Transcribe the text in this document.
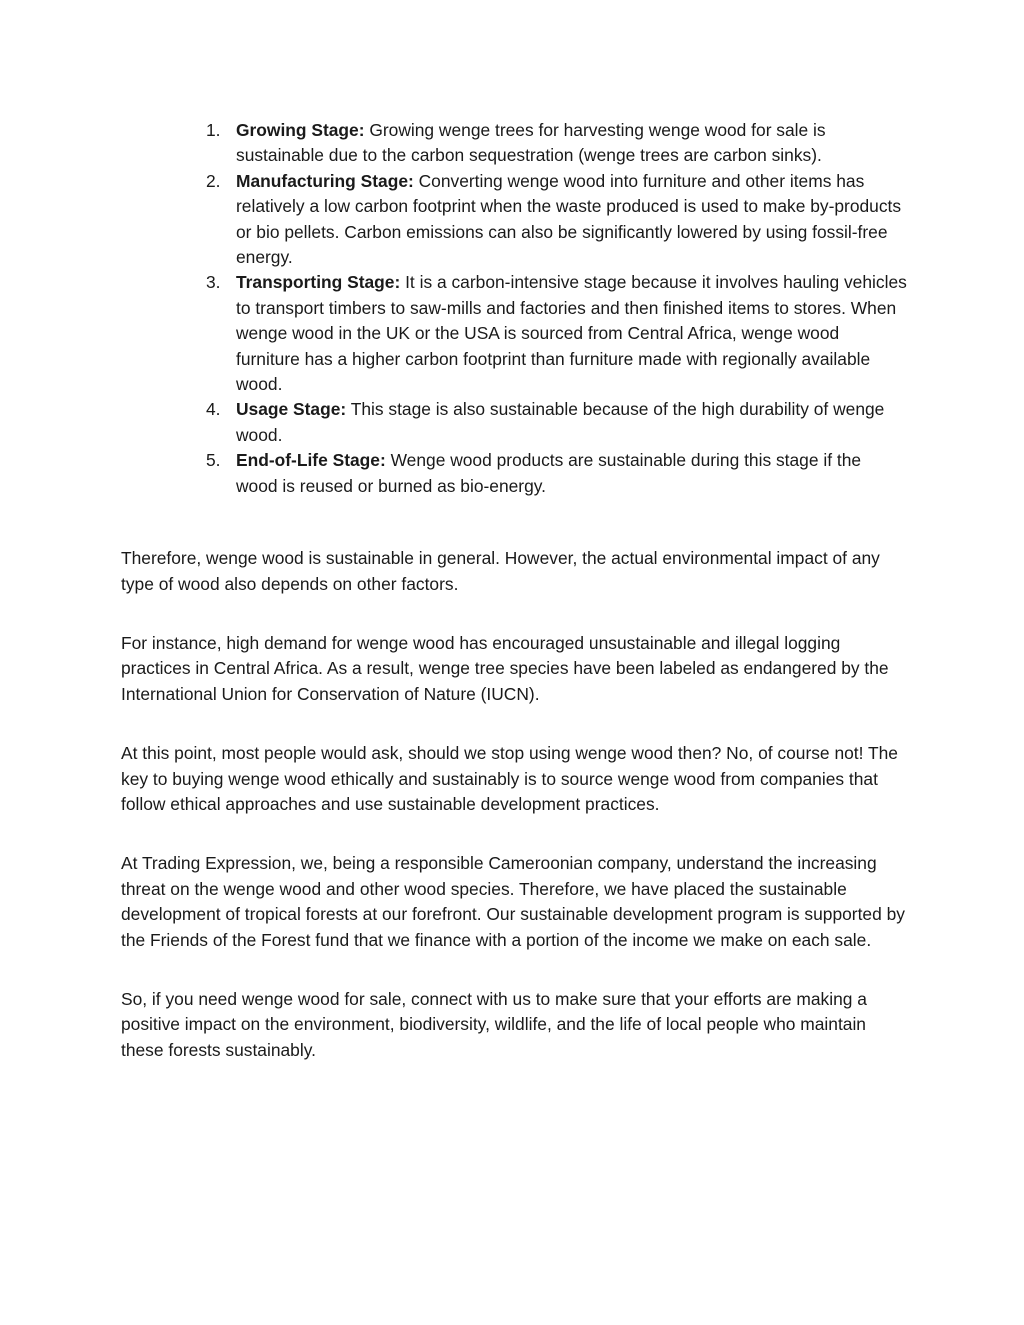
1. Growing Stage: Growing wenge trees for harvesting wenge wood for sale is sustainable due to the carbon sequestration (wenge trees are carbon sinks).
2. Manufacturing Stage: Converting wenge wood into furniture and other items has relatively a low carbon footprint when the waste produced is used to make by-products or bio pellets. Carbon emissions can also be significantly lowered by using fossil-free energy.
3. Transporting Stage: It is a carbon-intensive stage because it involves hauling vehicles to transport timbers to saw-mills and factories and then finished items to stores. When wenge wood in the UK or the USA is sourced from Central Africa, wenge wood furniture has a higher carbon footprint than furniture made with regionally available wood.
4. Usage Stage: This stage is also sustainable because of the high durability of wenge wood.
5. End-of-Life Stage: Wenge wood products are sustainable during this stage if the wood is reused or burned as bio-energy.

Therefore, wenge wood is sustainable in general. However, the actual environmental impact of any type of wood also depends on other factors.

For instance, high demand for wenge wood has encouraged unsustainable and illegal logging practices in Central Africa. As a result, wenge tree species have been labeled as endangered by the International Union for Conservation of Nature (IUCN).

At this point, most people would ask, should we stop using wenge wood then? No, of course not! The key to buying wenge wood ethically and sustainably is to source wenge wood from companies that follow ethical approaches and use sustainable development practices.

At Trading Expression, we, being a responsible Cameroonian company, understand the increasing threat on the wenge wood and other wood species. Therefore, we have placed the sustainable development of tropical forests at our forefront. Our sustainable development program is supported by the Friends of the Forest fund that we finance with a portion of the income we make on each sale.

So, if you need wenge wood for sale, connect with us to make sure that your efforts are making a positive impact on the environment, biodiversity, wildlife, and the life of local people who maintain these forests sustainably.
